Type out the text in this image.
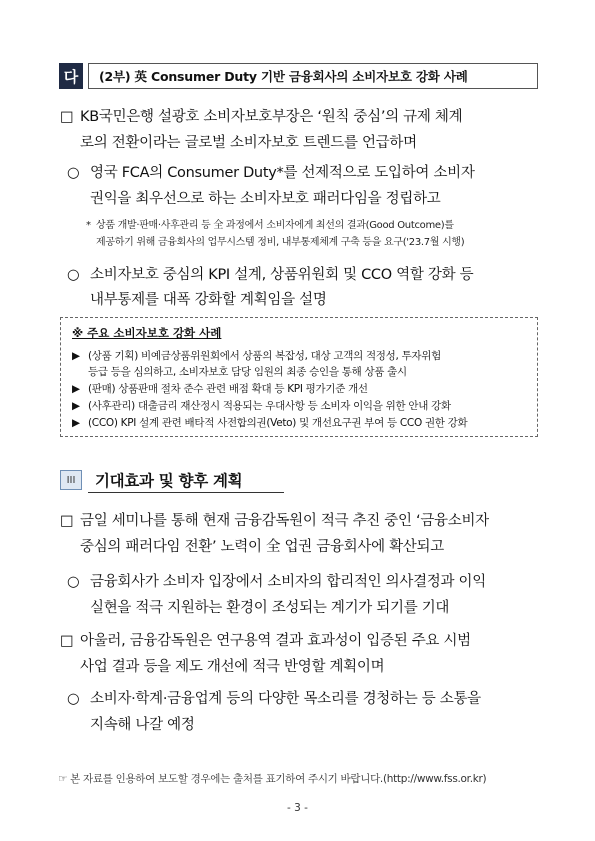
다	(2부) 英 Consumer Duty 기반 금융회사의 소비자보호 강화 사례
□ KB국민은행 설광호 소비자보호부장은 ‘원칙 중심’의 규제 체계
로의 전환이라는 글로벌 소비자보호 트렌드를 언급하며
○ 영국 FCA의 Consumer Duty*를 선제적으로 도입하여 소비자
권익을 최우선으로 하는 소비자보호 패러다임을 정립하고
* 상품 개발·판매·사후관리 등 全 과정에서 소비자에게 최선의 결과(Good Outcome)를
제공하기 위해 금융회사의 업무시스템 정비, 내부통제체계 구축 등을 요구('23.7월 시행)
○ 소비자보호 중심의 KPI 설계, 상품위원회 및 CCO 역할 강화 등
내부통제를 대폭 강화할 계획임을 설명
※ 주요 소비자보호 강화 사례
▶ (상품 기획) 비예금상품위원회에서 상품의 복잡성, 대상 고객의 적정성, 투자위험
등급 등을 심의하고, 소비자보호 담당 임원의 최종 승인을 통해 상품 출시
▶ (판매) 상품판매 절차 준수 관련 배점 확대 등 KPI 평가기준 개선
▶ (사후관리) 대출금리 재산정시 적용되는 우대사항 등 소비자 이익을 위한 안내 강화
▶ (CCO) KPI 설계 관련 배타적 사전합의권(Veto) 및 개선요구권 부여 등 CCO 권한 강화
III	기대효과 및 향후 계획
□ 금일 세미나를 통해 현재 금융감독원이 적극 추진 중인 ‘금융소비자
중심의 패러다임 전환’ 노력이 全 업권 금융회사에 확산되고
○ 금융회사가 소비자 입장에서 소비자의 합리적인 의사결정과 이익
실현을 적극 지원하는 환경이 조성되는 계기가 되기를 기대
□ 아울러, 금융감독원은 연구용역 결과 효과성이 입증된 주요 시범
사업 결과 등을 제도 개선에 적극 반영할 계획이며
○ 소비자·학계·금융업계 등의 다양한 목소리를 경청하는 등 소통을
지속해 나갈 예정
☞ 본 자료를 인용하여 보도할 경우에는 출처를 표기하여 주시기 바랍니다.(http://www.fss.or.kr)
- 3 -
